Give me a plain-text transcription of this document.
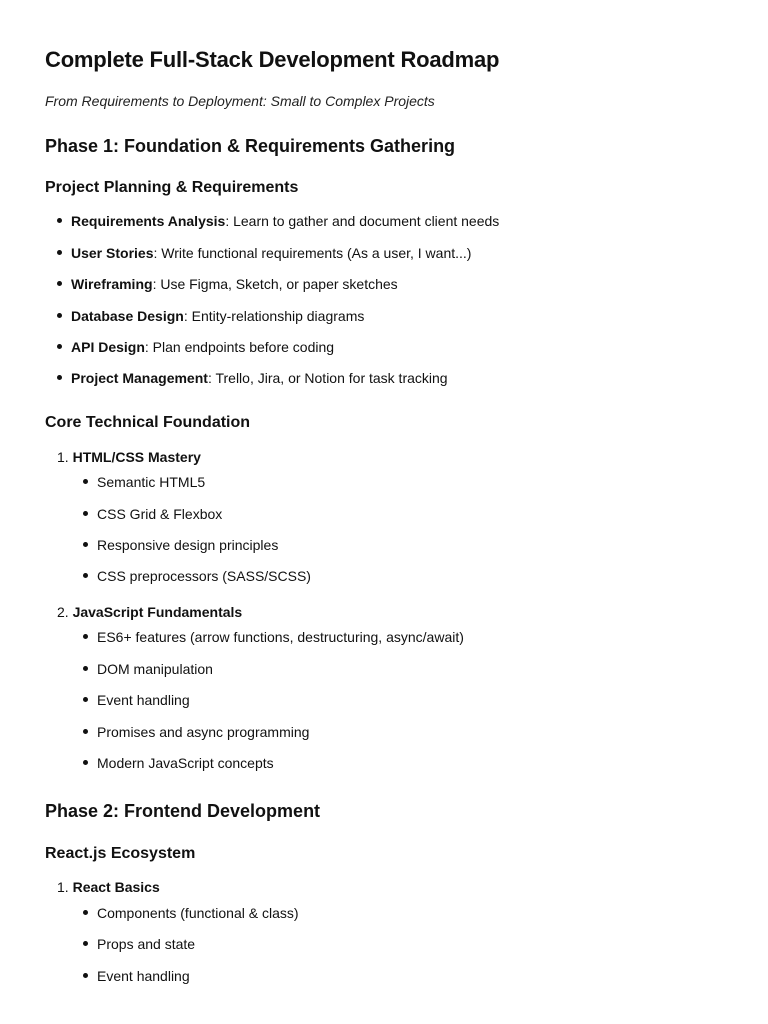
Complete Full-Stack Development Roadmap

From Requirements to Deployment: Small to Complex Projects

Phase 1: Foundation & Requirements Gathering
Project Planning & Requirements
Requirements Analysis: Learn to gather and document client needs
User Stories: Write functional requirements (As a user, I want...)
Wireframing: Use Figma, Sketch, or paper sketches
Database Design: Entity-relationship diagrams
API Design: Plan endpoints before coding
Project Management: Trello, Jira, or Notion for task tracking
Core Technical Foundation
1. HTML/CSS Mastery
Semantic HTML5
CSS Grid & Flexbox
Responsive design principles
CSS preprocessors (SASS/SCSS)
2. JavaScript Fundamentals
ES6+ features (arrow functions, destructuring, async/await)
DOM manipulation
Event handling
Promises and async programming
Modern JavaScript concepts
Phase 2: Frontend Development
React.js Ecosystem
1. React Basics
Components (functional & class)
Props and state
Event handling
